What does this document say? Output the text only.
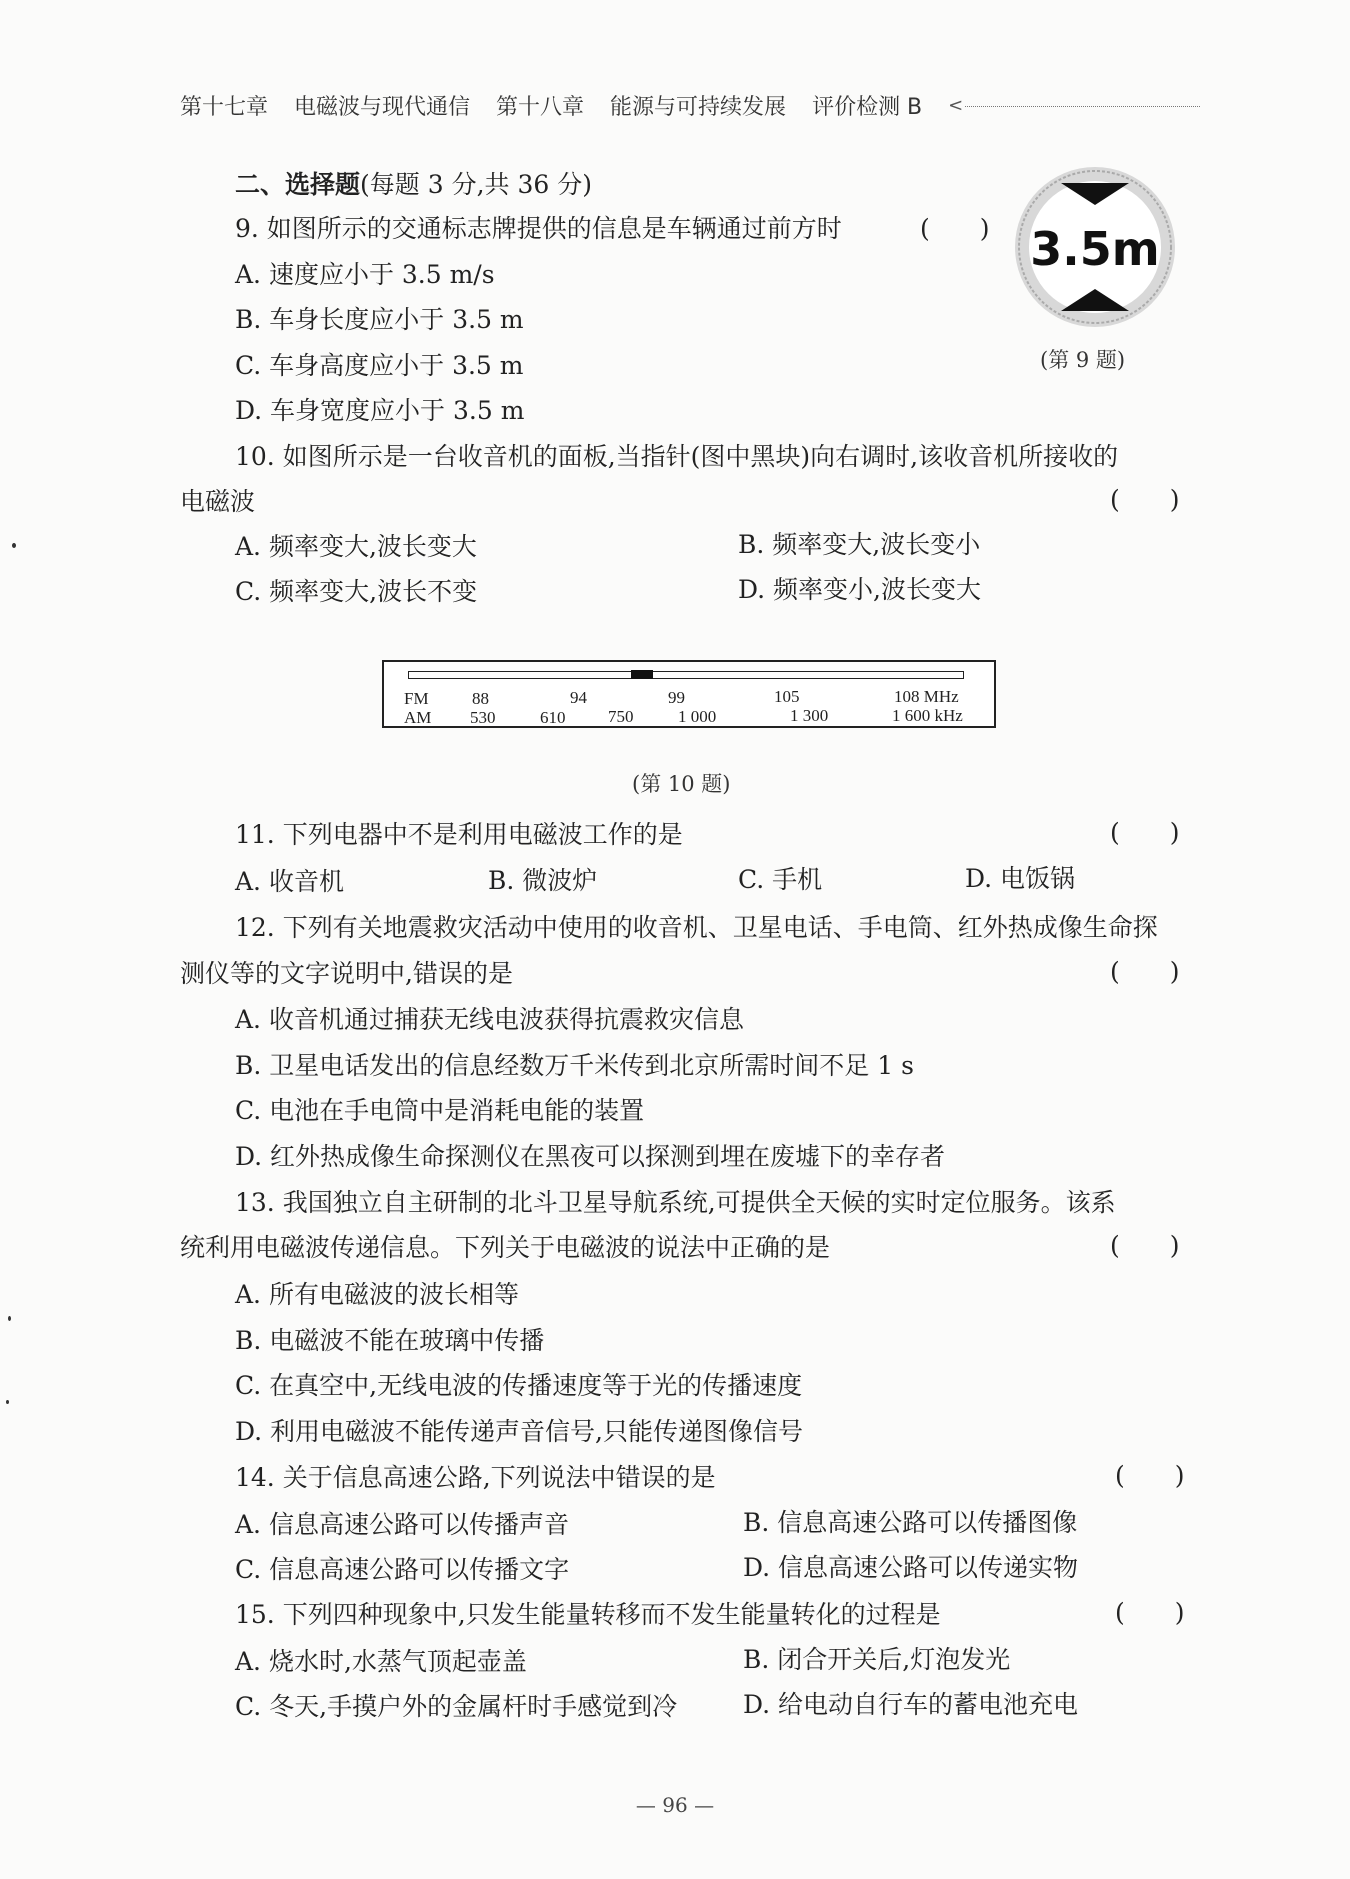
第十七章 电磁波与现代通信 第十八章 能源与可持续发展 评价检测 B <
二、选择题(每题 3 分,共 36 分)
9. 如图所示的交通标志牌提供的信息是车辆通过前方时	(　　)
A. 速度应小于 3.5 m/s
B. 车身长度应小于 3.5 m
C. 车身高度应小于 3.5 m
D. 车身宽度应小于 3.5 m
3.5m
(第 9 题)
10. 如图所示是一台收音机的面板,当指针(图中黑块)向右调时,该收音机所接收的
电磁波	(　　)
A. 频率变大,波长变大	B. 频率变大,波长变小
C. 频率变大,波长不变	D. 频率变小,波长变大
FM	88	94	99	105	108 MHz
AM 530	610	750	1 000	1 300	1 600 kHz
(第 10 题)
11. 下列电器中不是利用电磁波工作的是	(　　)
A. 收音机	B. 微波炉	C. 手机	D. 电饭锅
12. 下列有关地震救灾活动中使用的收音机、卫星电话、手电筒、红外热成像生命探
测仪等的文字说明中,错误的是	(　　)
A. 收音机通过捕获无线电波获得抗震救灾信息
B. 卫星电话发出的信息经数万千米传到北京所需时间不足 1 s
C. 电池在手电筒中是消耗电能的装置
D. 红外热成像生命探测仪在黑夜可以探测到埋在废墟下的幸存者
13. 我国独立自主研制的北斗卫星导航系统,可提供全天候的实时定位服务。该系
统利用电磁波传递信息。下列关于电磁波的说法中正确的是	(　　)
A. 所有电磁波的波长相等
B. 电磁波不能在玻璃中传播
C. 在真空中,无线电波的传播速度等于光的传播速度
D. 利用电磁波不能传递声音信号,只能传递图像信号
14. 关于信息高速公路,下列说法中错误的是	(　　)
A. 信息高速公路可以传播声音	B. 信息高速公路可以传播图像
C. 信息高速公路可以传播文字	D. 信息高速公路可以传递实物
15. 下列四种现象中,只发生能量转移而不发生能量转化的过程是	(　　)
A. 烧水时,水蒸气顶起壶盖	B. 闭合开关后,灯泡发光
C. 冬天,手摸户外的金属杆时手感觉到冷	D. 给电动自行车的蓄电池充电
— 96 —
